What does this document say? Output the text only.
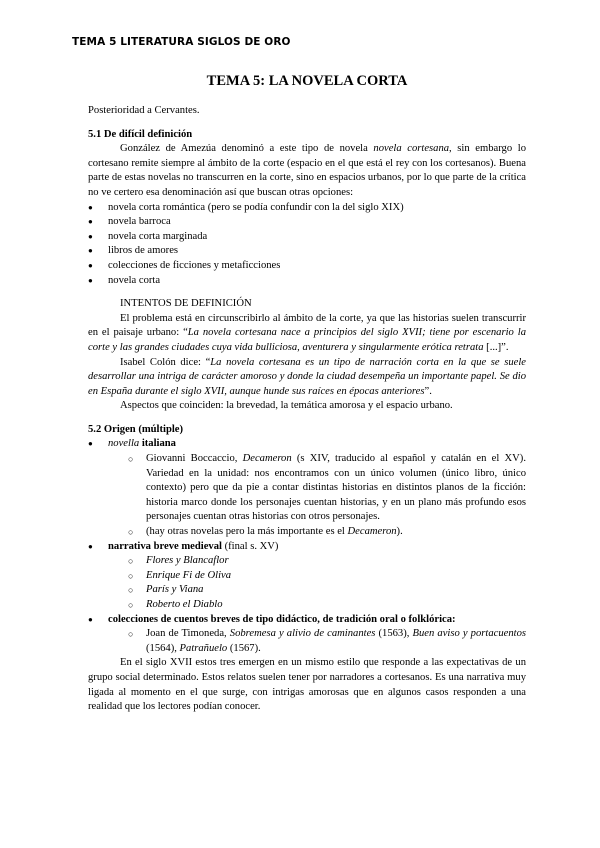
TEMA 5 LITERATURA SIGLOS DE ORO

TEMA 5: LA NOVELA CORTA

Posterioridad a Cervantes.

5.1 De difícil definición

González de Amezúa denominó a este tipo de novela novela cortesana, sin embargo lo cortesano remite siempre al ámbito de la corte (espacio en el que está el rey con los cortesanos). Buena parte de estas novelas no transcurren en la corte, sino en espacios urbanos, por lo que parte de la crítica no ve certero esa denominación así que buscan otras opciones:

● novela corta romántica (pero se podía confundir con la del siglo XIX)
● novela barroca
● novela corta marginada
● libros de amores
● colecciones de ficciones y metaficciones
● novela corta

INTENTOS DE DEFINICIÓN

El problema está en circunscribirlo al ámbito de la corte, ya que las historias suelen transcurrir en el paisaje urbano: “La novela cortesana nace a principios del siglo XVII; tiene por escenario la corte y las grandes ciudades cuya vida bulliciosa, aventurera y singularmente erótica retrata [...]”.

Isabel Colón dice: “La novela cortesana es un tipo de narración corta en la que se suele desarrollar una intriga de carácter amoroso y donde la ciudad desempeña un importante papel. Se dio en España durante el siglo XVII, aunque hunde sus raíces en épocas anteriores”.

Aspectos que coinciden: la brevedad, la temática amorosa y el espacio urbano.

5.2 Origen (múltiple)

● novella italiana
○ Giovanni Boccaccio, Decameron (s XIV, traducido al español y catalán en el XV). Variedad en la unidad: nos encontramos con un único volumen (único libro, único contexto) pero que da pie a contar distintas historias en distintos planos de la ficción: historia marco donde los personajes cuentan historias, y en un plano más profundo esos personajes cuentan otras historias con otros personajes.
○ (hay otras novelas pero la más importante es el Decameron).
● narrativa breve medieval (final s. XV)
○ Flores y Blancaflor
○ Enrique Fi de Oliva
○ París y Viana
○ Roberto el Diablo
● colecciones de cuentos breves de tipo didáctico, de tradición oral o folklórica:
○ Joan de Timoneda, Sobremesa y alivio de caminantes (1563), Buen aviso y portacuentos (1564), Patrañuelo (1567).

En el siglo XVII estos tres emergen en un mismo estilo que responde a las expectativas de un grupo social determinado. Estos relatos suelen tener por narradores a cortesanos. Es una narrativa muy ligada al momento en el que surge, con intrigas amorosas que en algunos casos responden a una realidad que los lectores podían conocer.
